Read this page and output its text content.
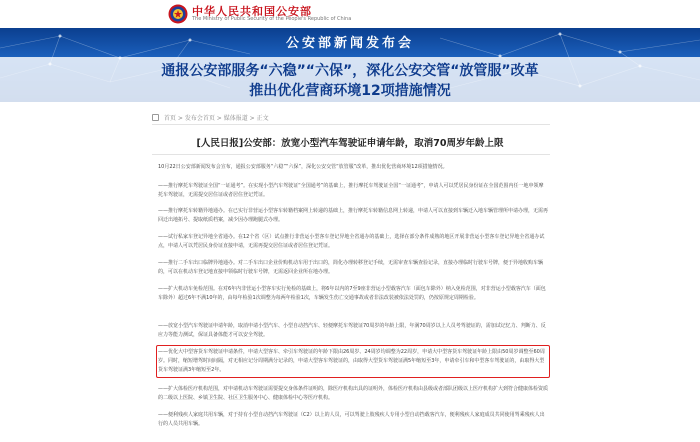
中华人民共和国公安部
The Ministry of Public Security of the People's Republic of China
公安部新闻发布会
通报公安部服务“六稳”“六保”，深化公安交管“放管服”改革
推出优化营商环境12项措施情况
首页 > 发布会首页 > 媒体报道 > 正文
[人民日报]公安部：放宽小型汽车驾驶证申请年龄，取消70周岁年龄上限

10月22日公安部新闻发布会宣布，通报公安部服务“六稳”“六保”，深化公安交管“放管服”改革，推出优化营商环境12项措施情况。

——推行摩托车驾驶证全国“一证通考”。在实现小型汽车驾驶证“全国通考”的基础上，推行摩托车驾驶证全国“一证通考”，申请人可以凭居民身份证在全国范围内任一地申领摩托车驾驶证，无需提交居住证或者居住登记凭证。

——推行摩托车转籍异地通办。在已实行非营运小型客车转籍档案网上转递的基础上，推行摩托车转籍信息网上转递，申请人可以直接到车辆迁入地车辆管理所申请办理，无需再回迁出地拓号、提取纸质档案，减少因办理跑腿式办理。

——试行私家车登记异地全省通办。在12个省（区）试点推行非营运小型客车登记异地全省通办的基础上，选择在部分条件成熟的地区开展非营运小型客车登记异地全省通办试点，申请人可以凭居民身份证直接申请，无需再提交居住证或者居住登记凭证。

——推行二手车出口临牌异地通办。对二手车出口企业价购机动车用于出口的，简化办理转移登记手续，无需审查车辆查验记录，直接办理临时行驶车号牌，便于异地收购车辆的，可以在机动车登记地直接申领临时行驶车号牌，无需返回企业所在地办理。

——扩大机动车免检范围。在对6年内非营运小型客车实行免检的基础上，将6年以内的7至9座非营运小型载客汽车（面包车除外）纳入免检范围，对非营运小型载客汽车（面包车除外）超过6年不满10年的，由每年检验1次调整为每两年检验1次，车辆发生伤亡交通事故或者非法改装被依法处罚的，仍按原规定周期检验。

——放宽小型汽车驾驶证申请年龄，取消申请小型汽车、小型自动挡汽车、轻便摩托车驾驶证70周岁的年龄上限，年满70周岁以上人员考驾驶证的，需加试记忆力、判断力、反应力等能力测试，保证具备体能才可以安全驾驶。

——优化大中型客货车驾驶证申请条件，申请大型客车、牵引车驾驶证的年龄下限由26周岁、24周岁均调整为22周岁，申请大中型客货车驾驶证年龄上限由50周岁调整至60周岁。同时，缩短增驾时间间隔，对无相应记分周期满分记录的，申请大型客车驾驶证的，由取得大型货车驾驶证满5年缩短至3年，申请牵引车和中型客车驾驶证的，由取得大型货车驾驶证满3年缩短至2年。

——扩大体检医疗机构范围，对申请机动车驾驶证需要提交身体条件证明的，除医疗机构出具的证明外，体检医疗机构由县级或者部队团级以上医疗机构扩大到符合健康体检资质的二级以上医院、乡镇卫生院、社区卫生服务中心、健康体检中心等医疗机构。

——便利残疾人家庭共用车辆，对于持有小型自动挡汽车驾驶证（C2）以上的人员，可以驾驶上肢残疾人专用小型自动挡载客汽车，便利残疾人家庭成员共同使用驾乘残疾人出行的人员共用车辆。
